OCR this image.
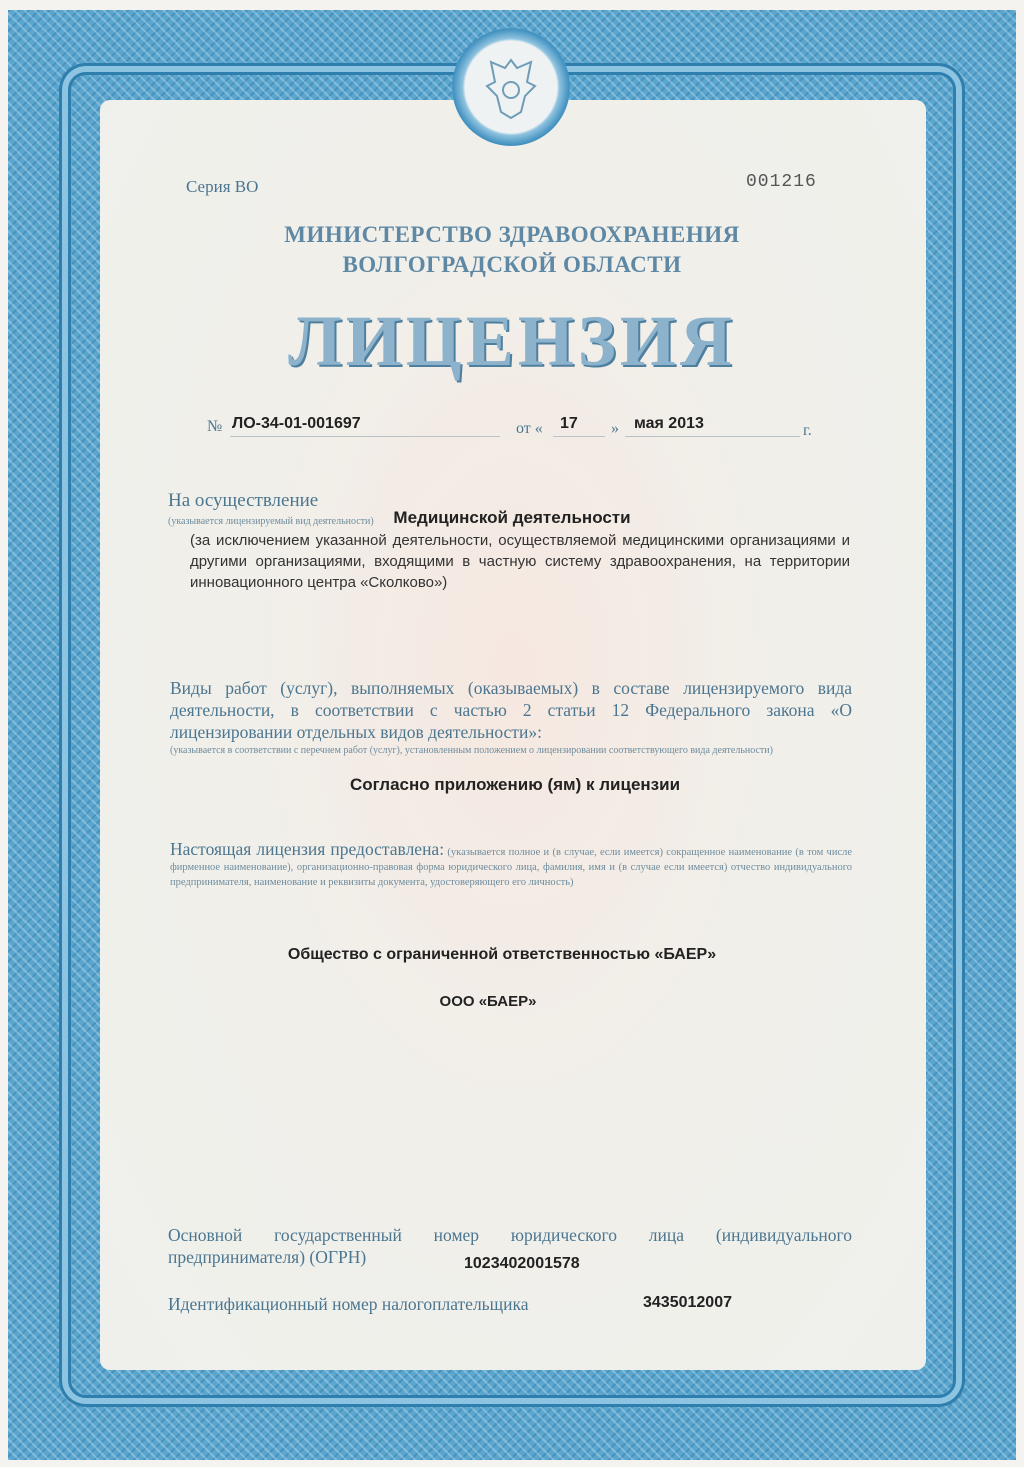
Серия ВО	001216
МИНИСТЕРСТВО ЗДРАВООХРАНЕНИЯ
ВОЛГОГРАДСКОЙ ОБЛАСТИ
ЛИЦЕНЗИЯ
№ ЛО-34-01-001697	от « 17 » мая 2013	г.
На осуществление
(указывается лицензируемый вид деятельности)	Медицинской деятельности
(за исключением указанной деятельности, осуществляемой медицинскими организациями и другими организациями, входящими в частную систему здравоохранения, на территории инновационного центра «Сколково»)
Виды работ (услуг), выполняемых (оказываемых) в составе лицензируемого вида деятельности, в соответствии с частью 2 статьи 12 Федерального закона «О лицензировании отдельных видов деятельности»:
(указывается в соответствии с перечнем работ (услуг), установленным положением о лицензировании соответствующего вида деятельности)
Согласно приложению (ям) к лицензии
Настоящая лицензия предоставлена: (указывается полное и (в случае, если имеется) сокращенное наименование (в том числе фирменное наименование), организационно-правовая форма юридического лица, фамилия, имя и (в случае если имеется) отчество индивидуального предпринимателя, наименование и реквизиты документа, удостоверяющего его личность)
Общество с ограниченной ответственностью «БАЕР»
ООО «БАЕР»
Основной государственный номер юридического лица (индивидуального предпринимателя) (ОГРН)	1023402001578
Идентификационный номер налогоплательщика	3435012007
